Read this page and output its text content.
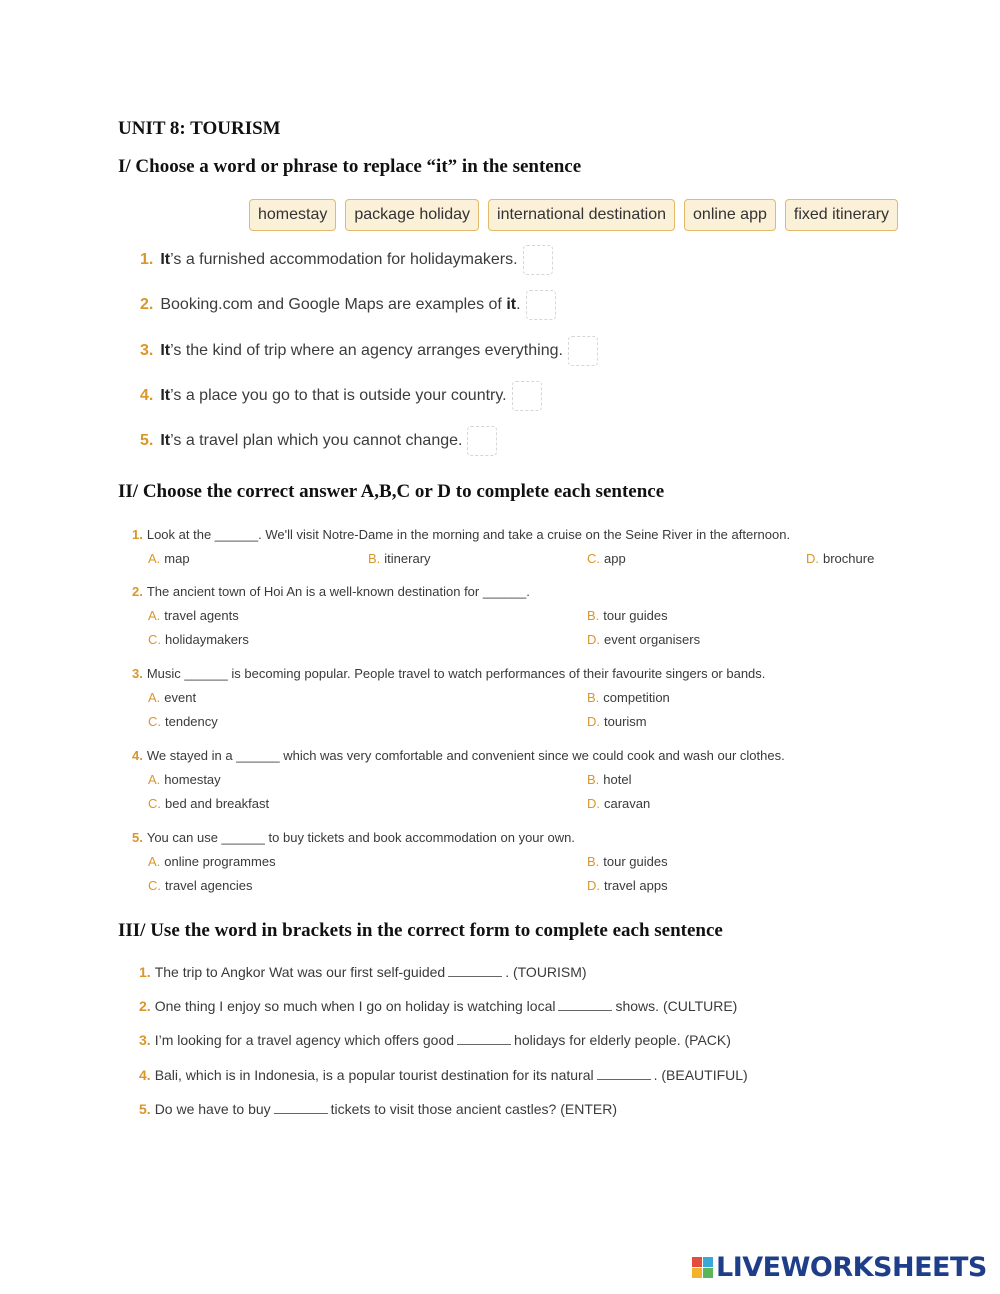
UNIT 8: TOURISM
I/ Choose a word or phrase to replace “it” in the sentence
homestay	package holiday	international destination	online app	fixed itinerary
1. It ’s a furnished accommodation for holidaymakers.
2. Booking.com and Google Maps are examples of it .
3. It ’s the kind of trip where an agency arranges everything.
4. It ’s a place you go to that is outside your country.
5. It ’s a travel plan which you cannot change.
II/ Choose the correct answer A,B,C or D to complete each sentence
1. Look at the ______. We'll visit Notre-Dame in the morning and take a cruise on the Seine River in the afternoon.
A. map	B. itinerary	C. app	D. brochure
2. The ancient town of Hoi An is a well-known destination for ______.
A. travel agents	B. tour guides
C. holidaymakers	D. event organisers
3. Music ______ is becoming popular. People travel to watch performances of their favourite singers or bands.
A. event	B. competition
C. tendency	D. tourism
4. We stayed in a ______ which was very comfortable and convenient since we could cook and wash our clothes.
A. homestay	B. hotel
C. bed and breakfast	D. caravan
5. You can use ______ to buy tickets and book accommodation on your own.
A. online programmes	B. tour guides
C. travel agencies	D. travel apps
III/ Use the word in brackets in the correct form to complete each sentence
1. The trip to Angkor Wat was our first self-guided	. (TOURISM)
2. One thing I enjoy so much when I go on holiday is watching local	shows. (CULTURE)
3. I’m looking for a travel agency which offers good	holidays for elderly people. (PACK)
4. Bali, which is in Indonesia, is a popular tourist destination for its natural	. (BEAUTIFUL)
5. Do we have to buy	tickets to visit those ancient castles? (ENTER)
LIVEWORKSHEETS
